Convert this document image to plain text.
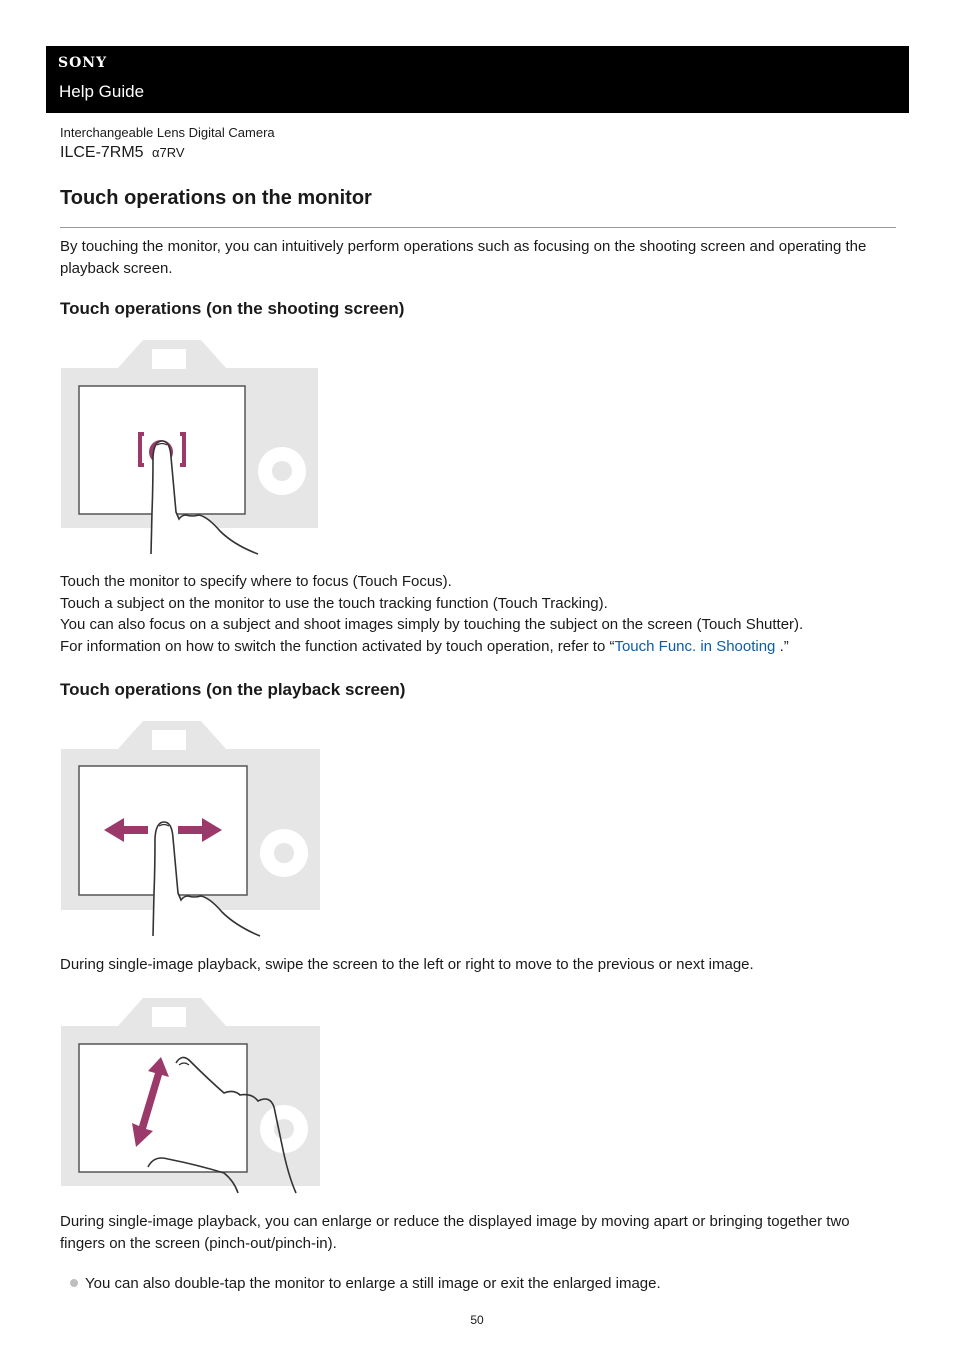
SONY
Help Guide
Interchangeable Lens Digital Camera
ILCE-7RM5 α7RV
Touch operations on the monitor

By touching the monitor, you can intuitively perform operations such as focusing on the shooting screen and operating the playback screen.

Touch operations (on the shooting screen)

Touch the monitor to specify where to focus (Touch Focus).
Touch a subject on the monitor to use the touch tracking function (Touch Tracking).
You can also focus on a subject and shoot images simply by touching the subject on the screen (Touch Shutter).
For information on how to switch the function activated by touch operation, refer to “Touch Func. in Shooting .”

Touch operations (on the playback screen)

During single-image playback, swipe the screen to the left or right to move to the previous or next image.

During single-image playback, you can enlarge or reduce the displayed image by moving apart or bringing together two fingers on the screen (pinch-out/pinch-in).

You can also double-tap the monitor to enlarge a still image or exit the enlarged image.

50
